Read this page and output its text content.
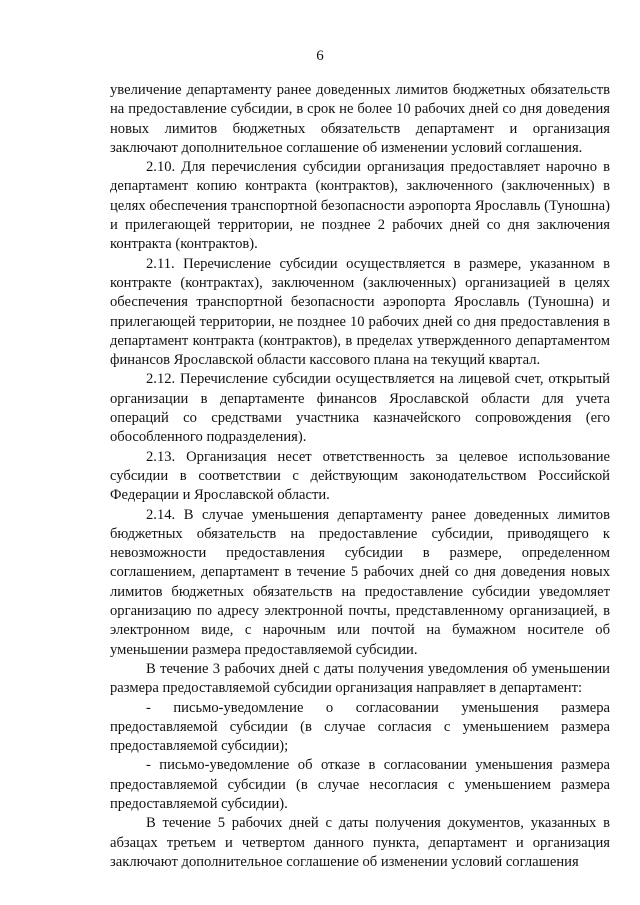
6

увеличение департаменту ранее доведенных лимитов бюджетных обязательств на предоставление субсидии, в срок не более 10 рабочих дней со дня доведения новых лимитов бюджетных обязательств департамент и организация заключают дополнительное соглашение об изменении условий соглашения.

2.10. Для перечисления субсидии организация предоставляет нарочно в департамент копию контракта (контрактов), заключенного (заключенных) в целях обеспечения транспортной безопасности аэропорта Ярославль (Туношна) и прилегающей территории, не позднее 2 рабочих дней со дня заключения контракта (контрактов).

2.11. Перечисление субсидии осуществляется в размере, указанном в контракте (контрактах), заключенном (заключенных) организацией в целях обеспечения транспортной безопасности аэропорта Ярославль (Туношна) и прилегающей территории, не позднее 10 рабочих дней со дня предоставления в департамент контракта (контрактов), в пределах утвержденного департаментом финансов Ярославской области кассового плана на текущий квартал.

2.12. Перечисление субсидии осуществляется на лицевой счет, открытый организации в департаменте финансов Ярославской области для учета операций со средствами участника казначейского сопровождения (его обособленного подразделения).

2.13. Организация несет ответственность за целевое использование субсидии в соответствии с действующим законодательством Российской Федерации и Ярославской области.

2.14. В случае уменьшения департаменту ранее доведенных лимитов бюджетных обязательств на предоставление субсидии, приводящего к невозможности предоставления субсидии в размере, определенном соглашением, департамент в течение 5 рабочих дней со дня доведения новых лимитов бюджетных обязательств на предоставление субсидии уведомляет организацию по адресу электронной почты, представленному организацией, в электронном виде, с нарочным или почтой на бумажном носителе об уменьшении размера предоставляемой субсидии.

В течение 3 рабочих дней с даты получения уведомления об уменьшении размера предоставляемой субсидии организация направляет в департамент:

- письмо-уведомление о согласовании уменьшения размера предоставляемой субсидии (в случае согласия с уменьшением размера предоставляемой субсидии);

- письмо-уведомление об отказе в согласовании уменьшения размера предоставляемой субсидии (в случае несогласия с уменьшением размера предоставляемой субсидии).

В течение 5 рабочих дней с даты получения документов, указанных в абзацах третьем и четвертом данного пункта, департамент и организация заключают дополнительное соглашение об изменении условий соглашения
